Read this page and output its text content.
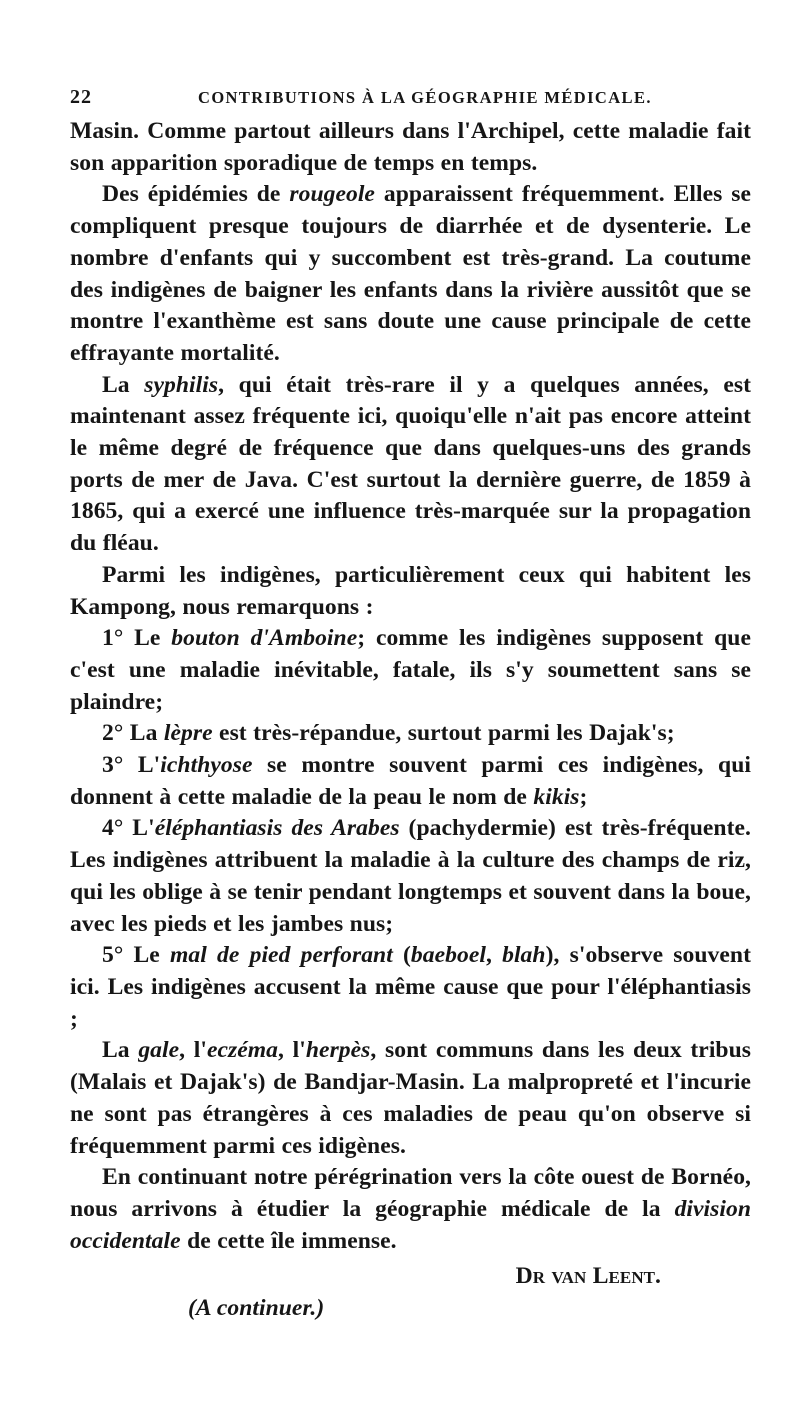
22	CONTRIBUTIONS À LA GÉOGRAPHIE MÉDICALE.

Masin. Comme partout ailleurs dans l'Archipel, cette maladie fait son apparition sporadique de temps en temps.

Des épidémies de rougeole apparaissent fréquemment. Elles se compliquent presque toujours de diarrhée et de dysenterie. Le nombre d'enfants qui y succombent est très-grand. La coutume des indigènes de baigner les enfants dans la rivière aussitôt que se montre l'exanthème est sans doute une cause principale de cette effrayante mortalité.

La syphilis, qui était très-rare il y a quelques années, est maintenant assez fréquente ici, quoiqu'elle n'ait pas encore atteint le même degré de fréquence que dans quelques-uns des grands ports de mer de Java. C'est surtout la dernière guerre, de 1859 à 1865, qui a exercé une influence très-marquée sur la propagation du fléau.

Parmi les indigènes, particulièrement ceux qui habitent les Kampong, nous remarquons :

1° Le bouton d'Amboine; comme les indigènes supposent que c'est une maladie inévitable, fatale, ils s'y soumettent sans se plaindre;

2° La lèpre est très-répandue, surtout parmi les Dajak's;

3° L'ichthyose se montre souvent parmi ces indigènes, qui donnent à cette maladie de la peau le nom de kikis;

4° L'éléphantiasis des Arabes (pachydermie) est très-fréquente. Les indigènes attribuent la maladie à la culture des champs de riz, qui les oblige à se tenir pendant longtemps et souvent dans la boue, avec les pieds et les jambes nus;

5° Le mal de pied perforant (baeboel, blah), s'observe souvent ici. Les indigènes accusent la même cause que pour l'éléphantiasis ;

La gale, l'eczéma, l'herpès, sont communs dans les deux tribus (Malais et Dajak's) de Bandjar-Masin. La malpropreté et l'incurie ne sont pas étrangères à ces maladies de peau qu'on observe si fréquemment parmi ces idigènes.

En continuant notre pérégrination vers la côte ouest de Bornéo, nous arrivons à étudier la géographie médicale de la division occidentale de cette île immense.

Dr van Leent.

(A continuer.)
